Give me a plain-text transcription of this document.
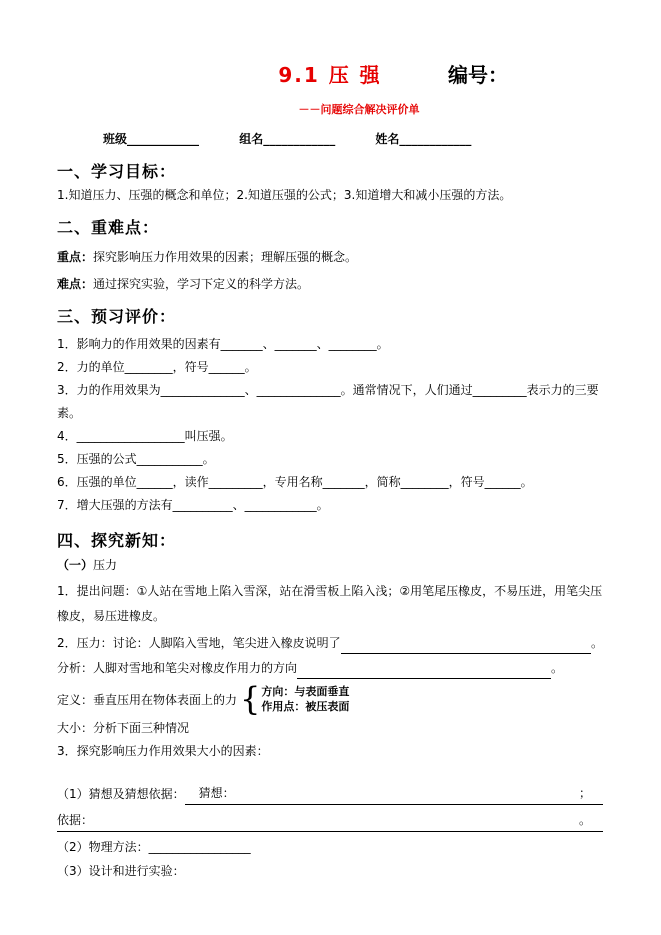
9.1 压 强	编号：
－－问题综合解决评价单
班级____________	组名____________	姓名____________
一、学习目标：
1.知道压力、压强的概念和单位；2.知道压强的公式；3.知道增大和减小压强的方法。
二、重难点：
重点：探究影响压力作用效果的因素；理解压强的概念。
难点：通过探究实验，学习下定义的科学方法。
三、预习评价：
1．影响力的作用效果的因素有_______、_______、________。
2．力的单位________，符号______。
3．力的作用效果为______________、______________。通常情况下，人们通过_________表示力的三要素。
4．__________________叫压强。
5．压强的公式___________。
6．压强的单位______，读作_________，专用名称_______，简称________，符号______。
7．增大压强的方法有__________、____________。
四、探究新知：
（一）压力
1．提出问题：①人站在雪地上陷入雪深，站在滑雪板上陷入浅；②用笔尾压橡皮，不易压进，用笔尖压橡皮，易压进橡皮。
2．压力：讨论：人脚陷入雪地，笔尖进入橡皮说明了	。
分析：人脚对雪地和笔尖对橡皮作用力的方向	。
定义：垂直压用在物体表面上的力 { 方向：与表面垂直
作用点：被压表面
大小：分析下面三种情况
3．探究影响压力作用效果大小的因素：
（1）猜想及猜想依据： 猜想：	；
依据：	。
（2）物理方法：_________________
（3）设计和进行实验：
